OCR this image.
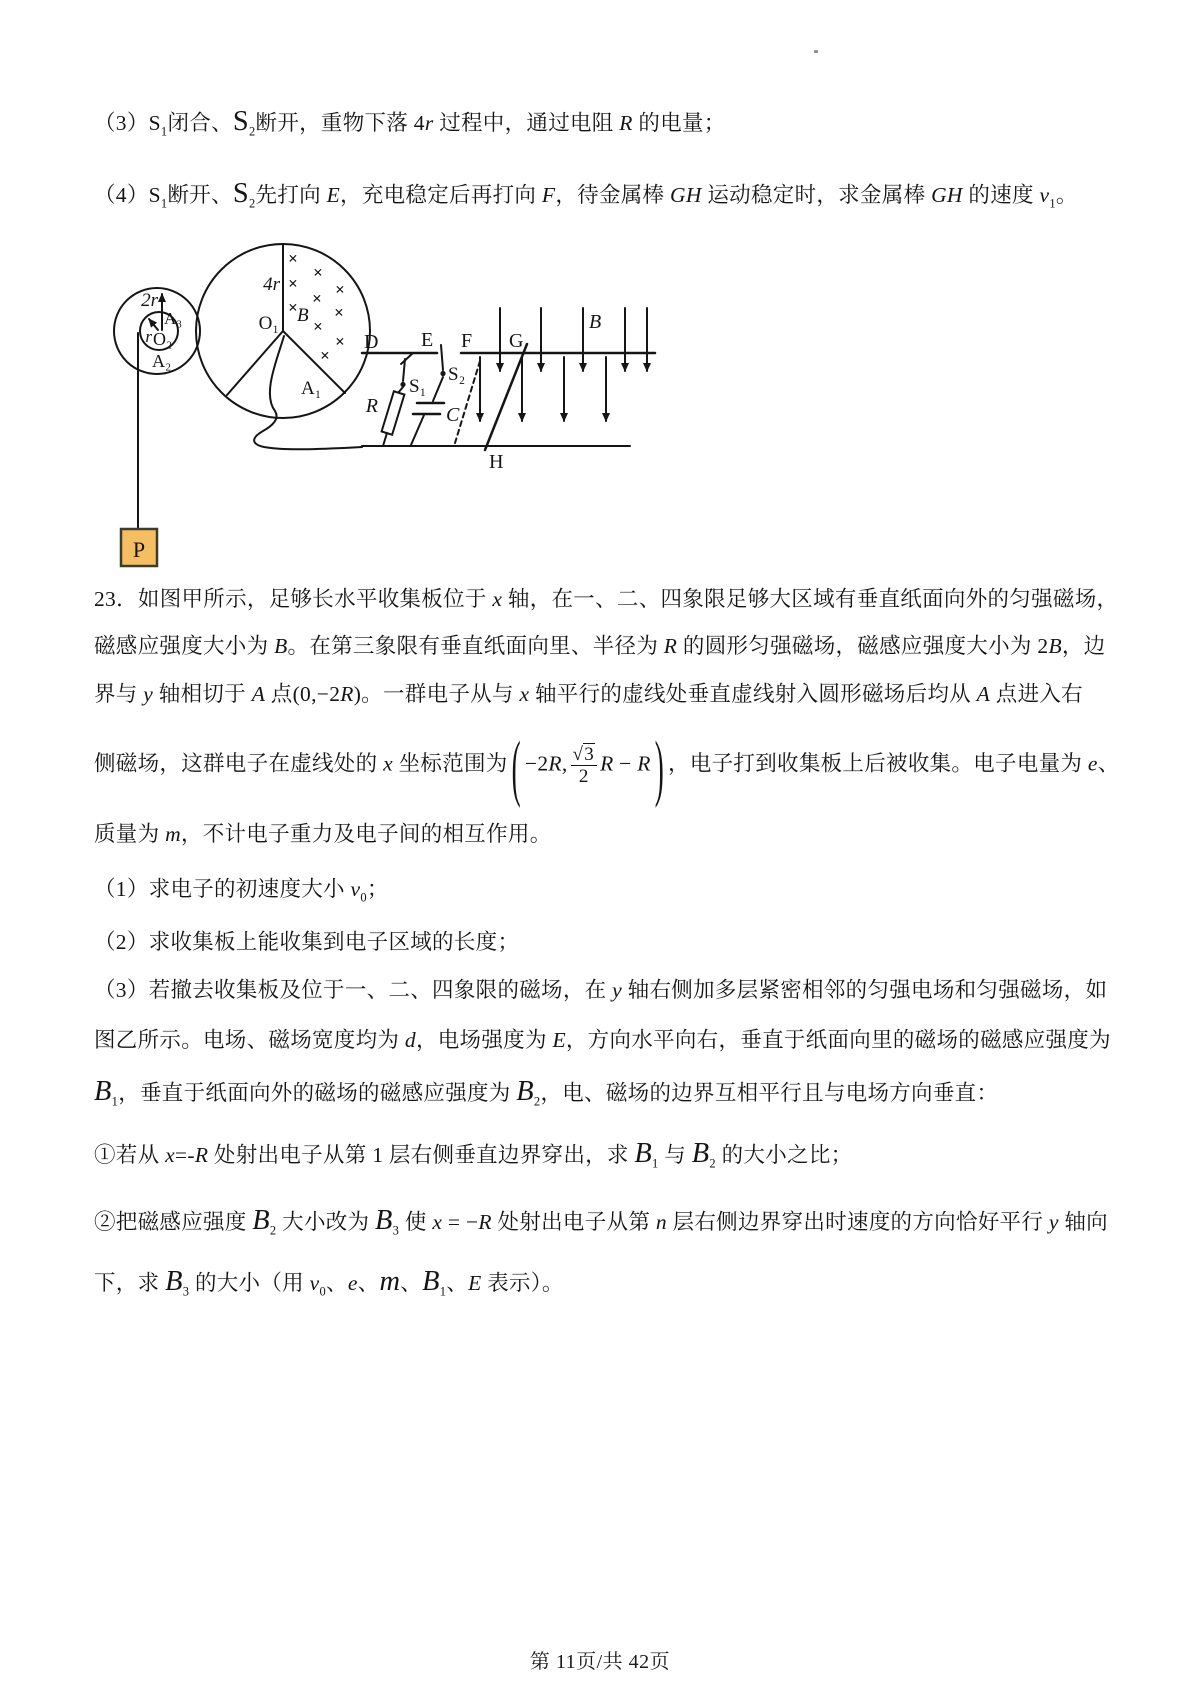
$(3)S_1$闭合、$S_2$断开，重物下落 4r 过程中，通过电阻 R 的电量；
$(4)S_1$断开、$S_2$先打向 E，充电稳定后再打向 F，待金属棒 GH 运动稳定时，求金属棒 GH 的速度 $v_1$。
23．如图甲所示，足够长水平收集板位于 x 轴，在一、二、四象限足够大区域有垂直纸面向外的匀强磁场，
磁感应强度大小为 B。在第三象限有垂直纸面向里、半径为 R 的圆形匀强磁场，磁感应强度大小为 2B，边
界与 y 轴相切于 A 点(0,−2R)。一群电子从与 x 轴平行的虚线处垂直虚线射入圆形磁场后均从 A 点进入右
侧磁场，这群电子在虚线处的 x 坐标范围为 ( −2R, $\frac{√3}{2}$ R − R ) ，电子打到收集板上后被收集。电子电量为 e、
质量为 m，不计电子重力及电子间的相互作用。
（1）求电子的初速度大小 $v_0$；
（2）求收集板上能收集到电子区域的长度；
（3）若撤去收集板及位于一、二、四象限的磁场，在 y 轴右侧加多层紧密相邻的匀强电场和匀强磁场，如
图乙所示。电场、磁场宽度均为 d，电场强度为 E，方向水平向右，垂直于纸面向里的磁场的磁感应强度为
$B_1$，垂直于纸面向外的磁场的磁感应强度为 $B_2$，电、磁场的边界互相平行且与电场方向垂直：
①若从 x=-R 处射出电子从第 1 层右侧垂直边界穿出，求 $B_1$ 与 $B_2$ 的大小之比；
②把磁感应强度 $B_2$ 大小改为 $B_3$ 使 x = −R 处射出电子从第 n 层右侧边界穿出时速度的方向恰好平行 y 轴向
下，求 $B_3$ 的大小（用 $v_0$、e、m、$B_1$、E 表示）。
2r
r
A₃
O₂
A₂
P
4r
O₁ B
A₁
×
×
× ×
×
× ×
×
×
×
D E F G
S₁
R
S₂
C
H
B
第 11页/共 42页
